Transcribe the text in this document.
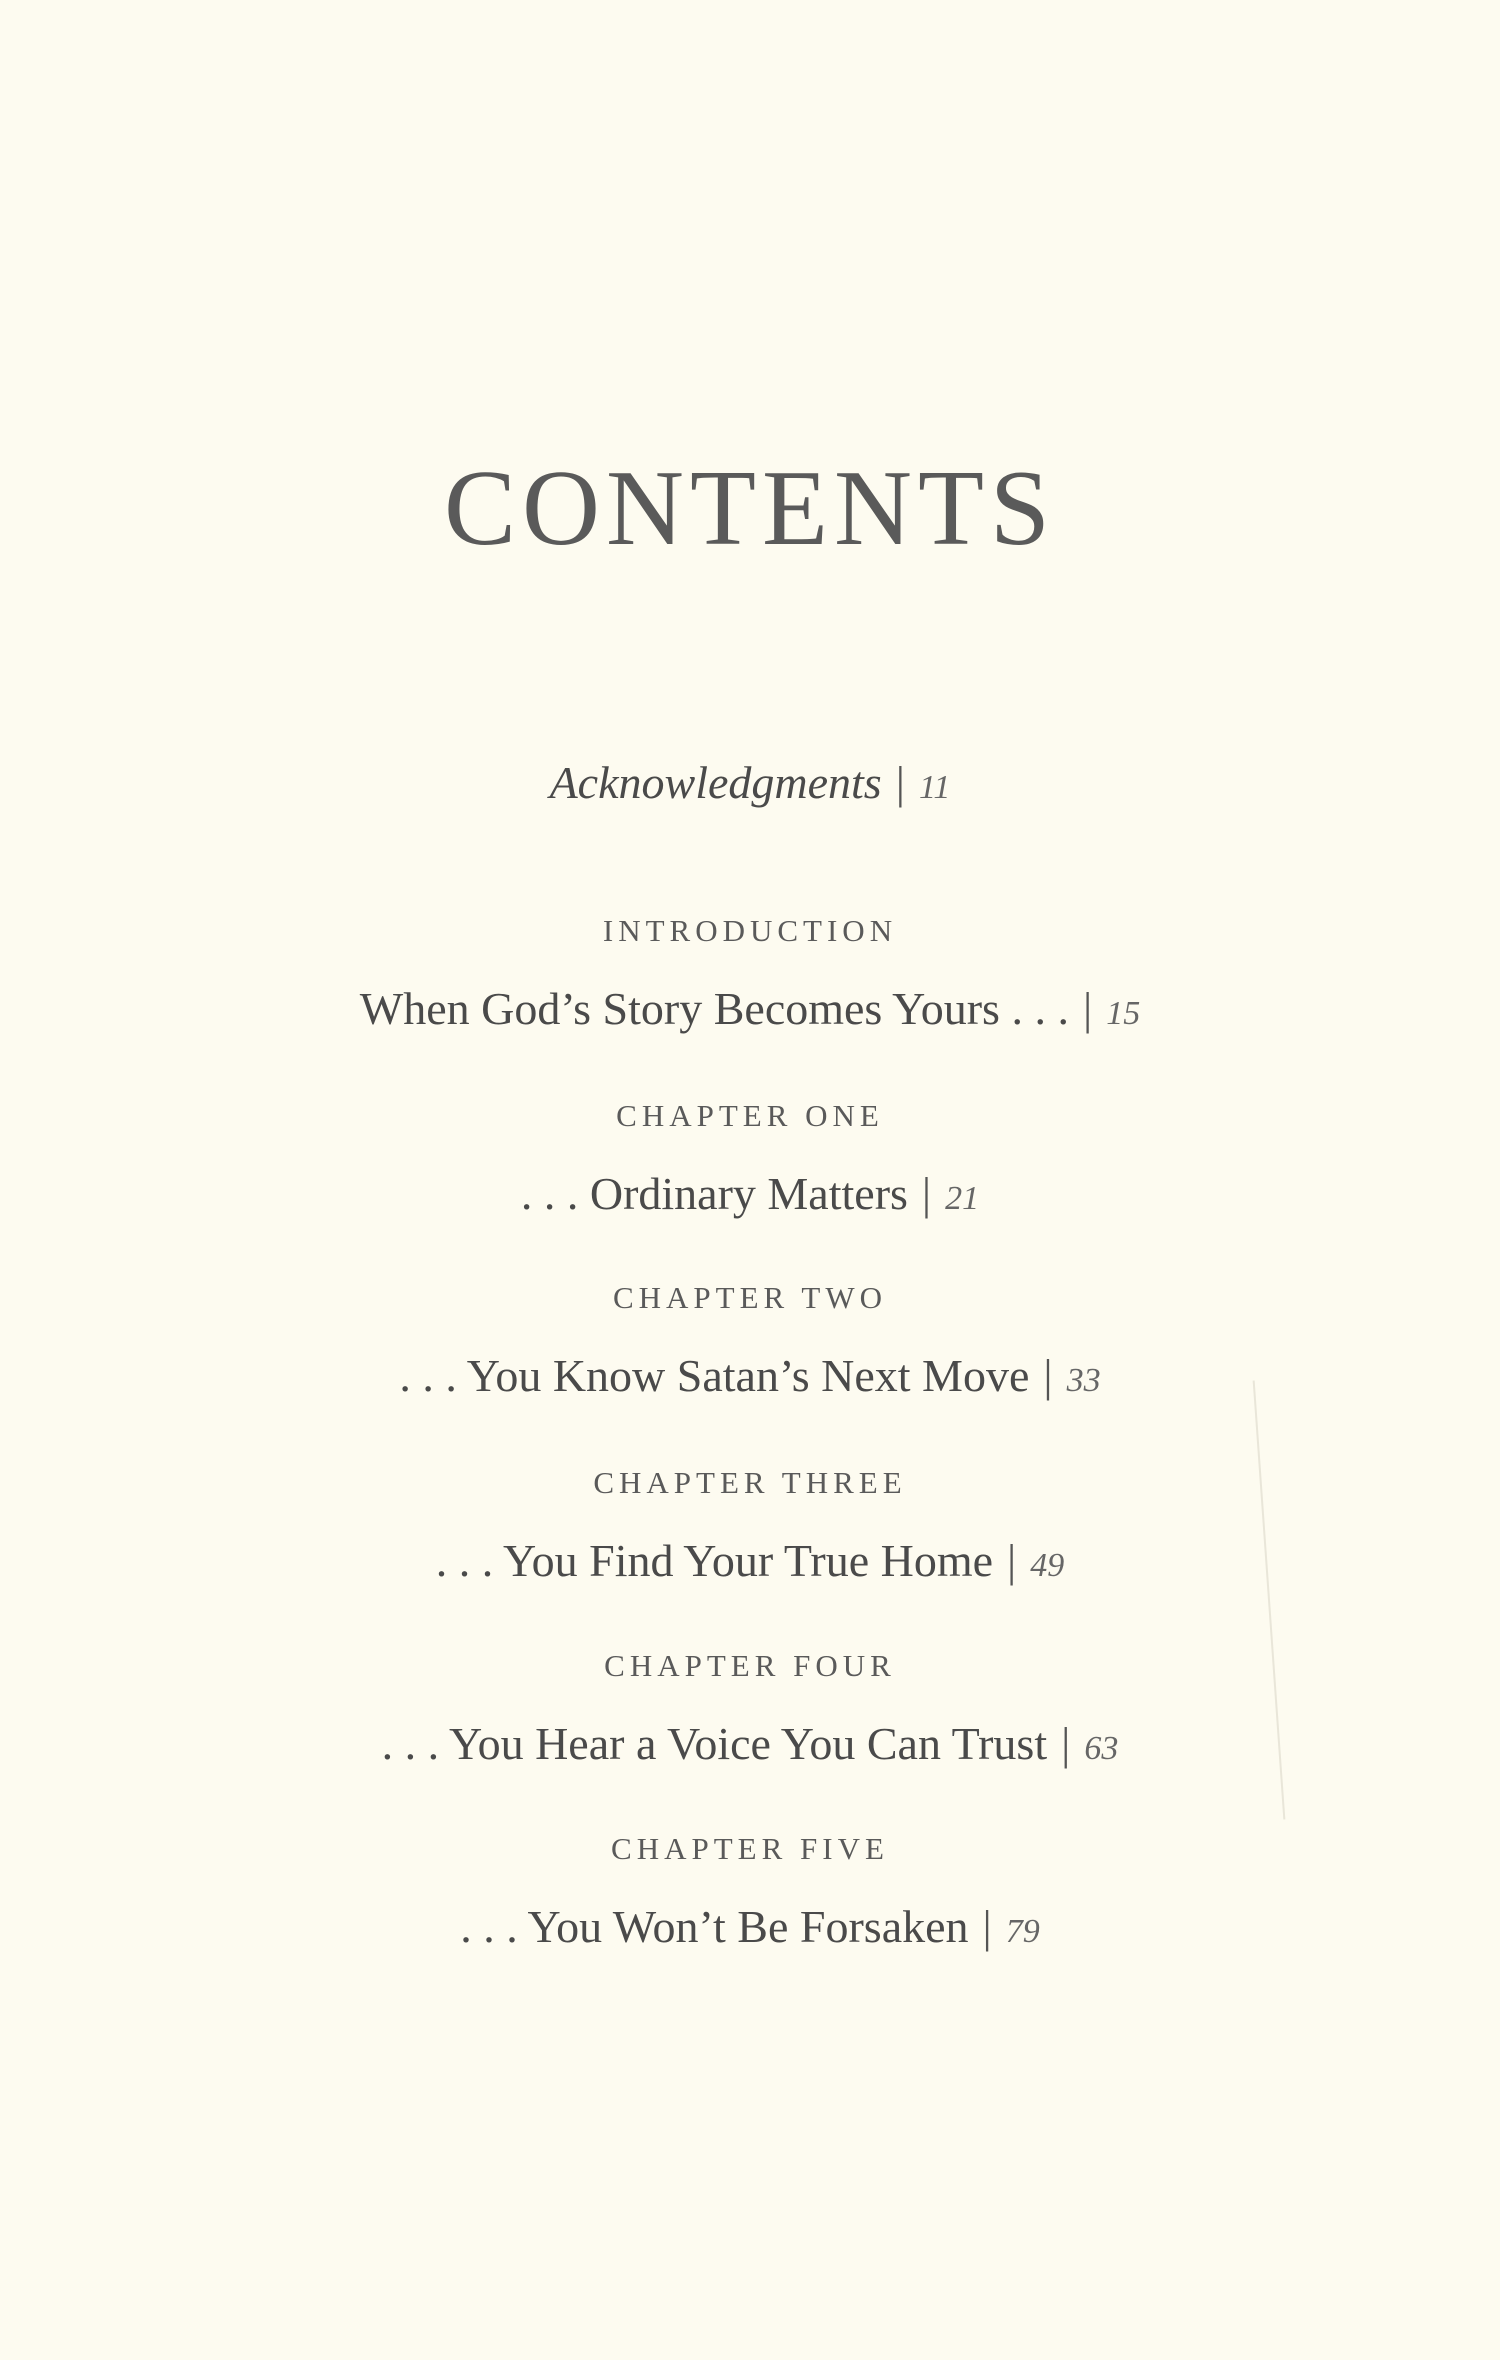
CONTENTS
Acknowledgments | 11
INTRODUCTION
When God’s Story Becomes Yours . . . | 15
CHAPTER ONE
. . . Ordinary Matters | 21
CHAPTER TWO
. . . You Know Satan’s Next Move | 33
CHAPTER THREE
. . . You Find Your True Home | 49
CHAPTER FOUR
. . . You Hear a Voice You Can Trust | 63
CHAPTER FIVE
. . . You Won’t Be Forsaken | 79
